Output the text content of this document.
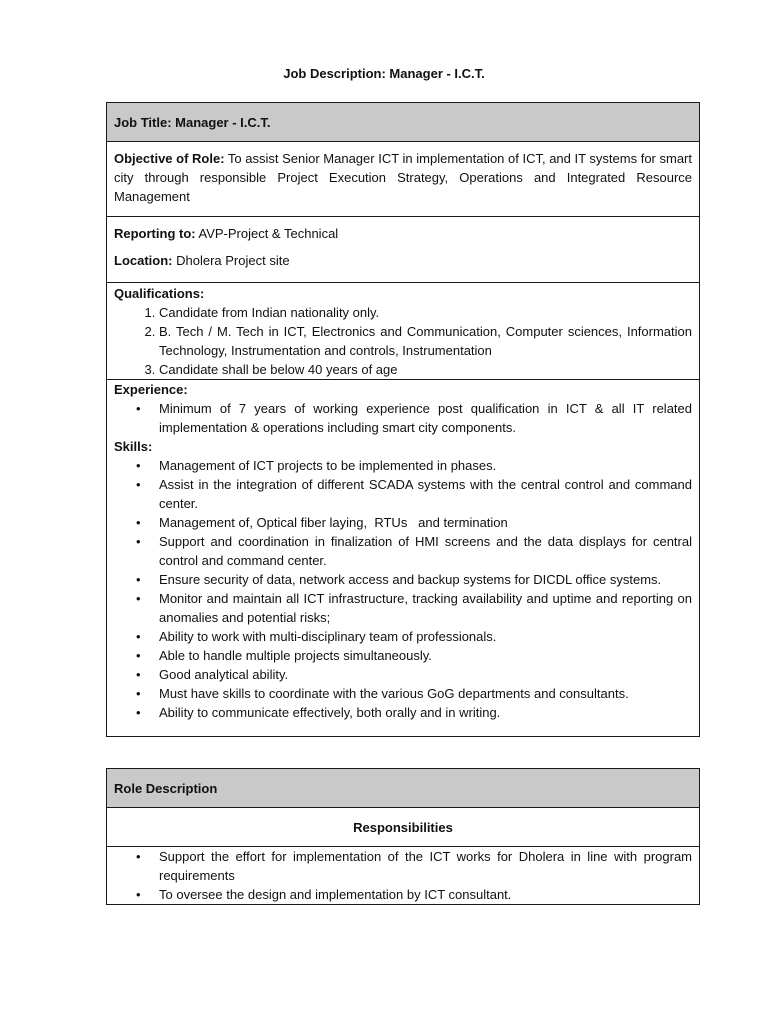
Job Description: Manager - I.C.T.
Job Title: Manager - I.C.T.
Objective of Role: To assist Senior Manager ICT in implementation of ICT, and IT systems for smart city through responsible Project Execution Strategy, Operations and Integrated Resource Management

Reporting to: AVP-Project & Technical

Location: Dholera Project site

Qualifications:

1. Candidate from Indian nationality only.
2. B. Tech / M. Tech in ICT, Electronics and Communication, Computer sciences, Information Technology, Instrumentation and controls, Instrumentation
3. Candidate shall be below 40 years of age

Experience:

• Minimum of 7 years of working experience post qualification in ICT & all IT related implementation & operations including smart city components.

Skills:

• Management of ICT projects to be implemented in phases.
• Assist in the integration of different SCADA systems with the central control and command center.
• Management of, Optical fiber laying,  RTUs   and termination
• Support and coordination in finalization of HMI screens and the data displays for central control and command center.
• Ensure security of data, network access and backup systems for DICDL office systems.
• Monitor and maintain all ICT infrastructure, tracking availability and uptime and reporting on anomalies and potential risks;
• Ability to work with multi-disciplinary team of professionals.
• Able to handle multiple projects simultaneously.
• Good analytical ability.
• Must have skills to coordinate with the various GoG departments and consultants.
• Ability to communicate effectively, both orally and in writing.
Role Description
Responsibilities

• Support the effort for implementation of the ICT works for Dholera in line with program requirements
• To oversee the design and implementation by ICT consultant.
